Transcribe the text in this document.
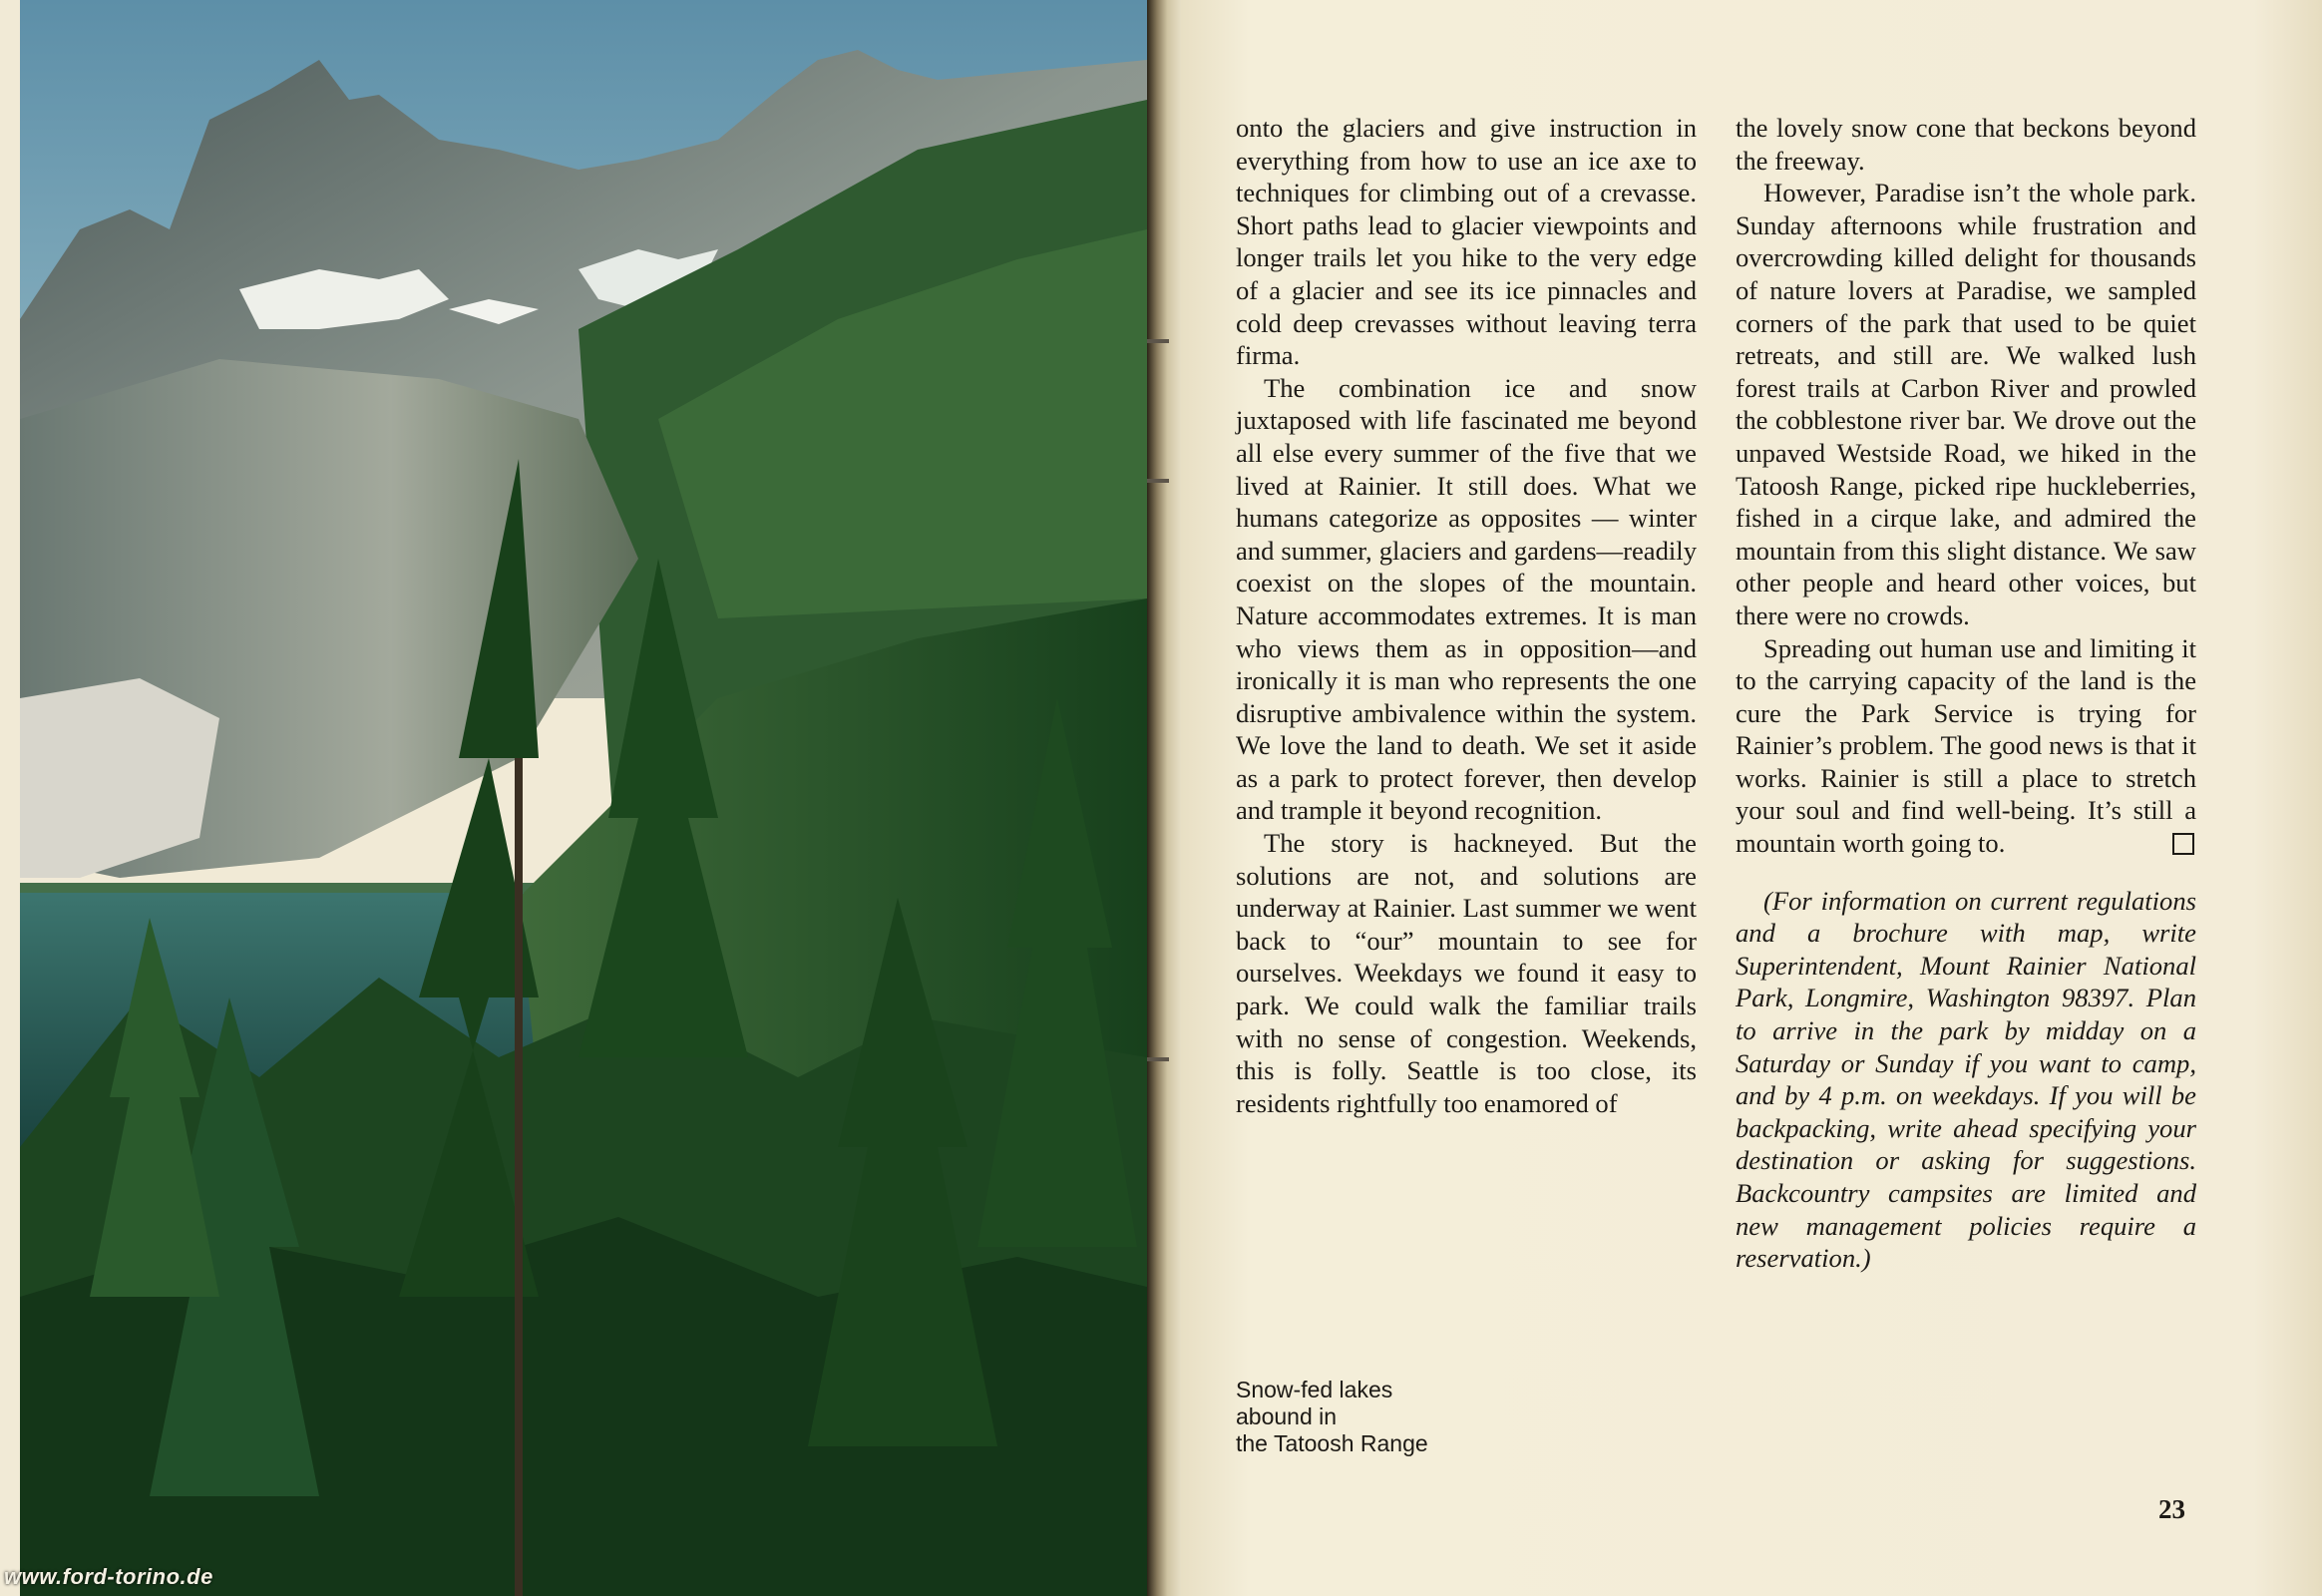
www.ford-torino.de

onto the glaciers and give instruction in everything from how to use an ice axe to techniques for climbing out of a crevasse. Short paths lead to glacier viewpoints and longer trails let you hike to the very edge of a glacier and see its ice pinnacles and cold deep crevasses without leaving terra firma.

The combination ice and snow juxtaposed with life fascinated me beyond all else every summer of the five that we lived at Rainier. It still does. What we humans categorize as opposites — winter and summer, glaciers and gardens—readily coexist on the slopes of the mountain. Nature accommodates extremes. It is man who views them as in opposition—and ironically it is man who represents the one disruptive ambivalence within the system. We love the land to death. We set it aside as a park to protect forever, then develop and trample it beyond recognition.

The story is hackneyed. But the solutions are not, and solutions are underway at Rainier. Last summer we went back to “our” mountain to see for ourselves. Weekdays we found it easy to park. We could walk the familiar trails with no sense of congestion. Weekends, this is folly. Seattle is too close, its residents rightfully too enamored of

the lovely snow cone that beckons beyond the freeway.

However, Paradise isn’t the whole park. Sunday afternoons while frustration and overcrowding killed delight for thousands of nature lovers at Paradise, we sampled corners of the park that used to be quiet retreats, and still are. We walked lush forest trails at Carbon River and prowled the cobblestone river bar. We drove out the unpaved Westside Road, we hiked in the Tatoosh Range, picked ripe huckleberries, fished in a cirque lake, and admired the mountain from this slight distance. We saw other people and heard other voices, but there were no crowds.

Spreading out human use and limiting it to the carrying capacity of the land is the cure the Park Service is trying for Rainier’s problem. The good news is that it works. Rainier is still a place to stretch your soul and find well-being. It’s still a mountain worth going to.

(For information on current regulations and a brochure with map, write Superintendent, Mount Rainier National Park, Longmire, Washington 98397. Plan to arrive in the park by midday on a Saturday or Sunday if you want to camp, and by 4 p.m. on weekdays. If you will be backpacking, write ahead specifying your destination or asking for suggestions. Backcountry campsites are limited and new management policies require a reservation.)

Snow-fed lakes
abound in
the Tatoosh Range
23
